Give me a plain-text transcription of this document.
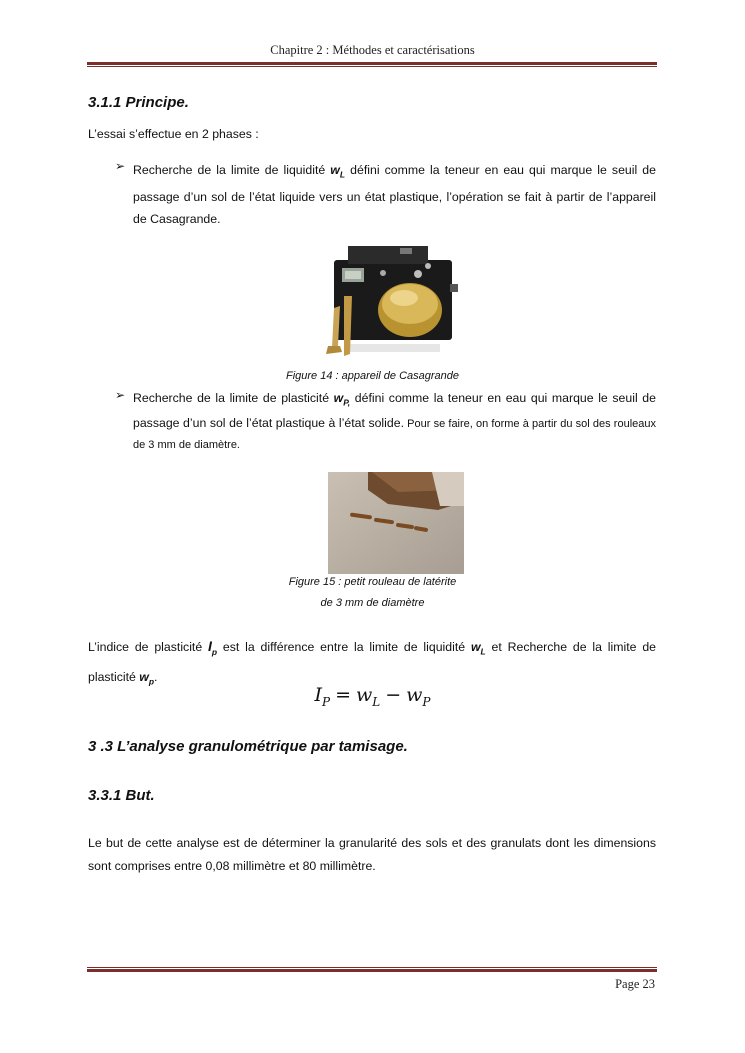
Chapitre 2 : Méthodes et caractérisations
3.1.1 Principe.
L’essai s’effectue en 2 phases :
➢ Recherche de la limite de liquidité $w_L$ défini comme la teneur en eau qui marque le seuil de passage d’un sol de l’état liquide vers un état plastique, l’opération se fait à partir de l’appareil de Casagrande.
Figure 14 : appareil de Casagrande
➢ Recherche de la limite de plasticité $w_{P,}$ défini comme la teneur en eau qui marque le seuil de passage d’un sol de l’état plastique à l’état solide. Pour se faire, on forme à partir du sol des rouleaux de 3 mm de diamètre.
Figure 15 : petit rouleau de latérite
de 3 mm de diamètre
L’indice de plasticité $I_p$ est la différence entre la limite de liquidité $w_L$ et Recherche de la limite de plasticité $w_p$.
$I_P = w_L - w_P$
3 .3 L’analyse granulométrique par tamisage.
3.3.1 But.
Le but de cette analyse est de déterminer la granularité des sols et des granulats dont les dimensions sont comprises entre 0,08 millimètre et 80 millimètre.
Page 23
